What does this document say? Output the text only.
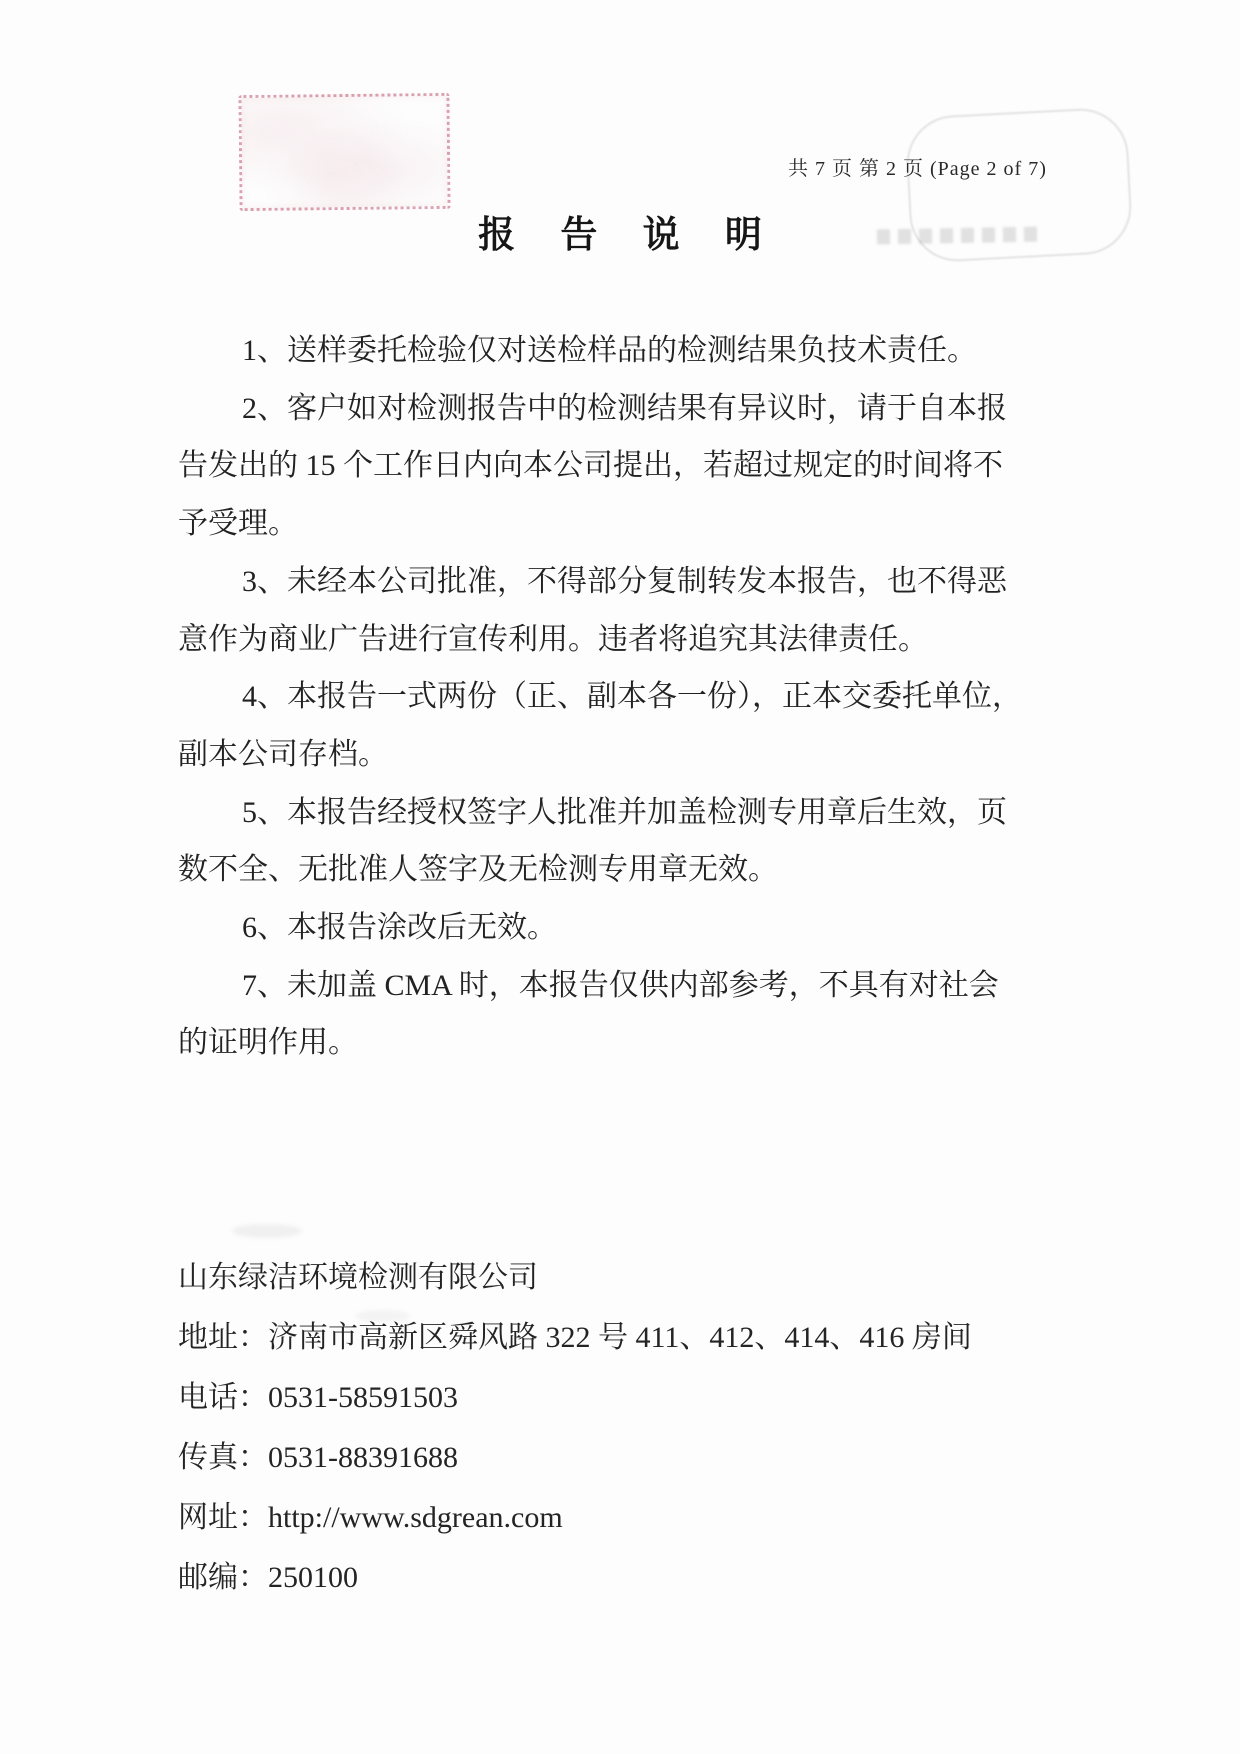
共 7 页 第 2 页 (Page 2 of 7)
报 告 说 明
1、送样委托检验仅对送检样品的检测结果负技术责任。
2、客户如对检测报告中的检测结果有异议时，请于自本报
告发出的 15 个工作日内向本公司提出，若超过规定的时间将不
予受理。
3、未经本公司批准，不得部分复制转发本报告，也不得恶
意作为商业广告进行宣传利用。违者将追究其法律责任。
4、本报告一式两份（正、副本各一份），正本交委托单位，
副本公司存档。
5、本报告经授权签字人批准并加盖检测专用章后生效，页
数不全、无批准人签字及无检测专用章无效。
6、本报告涂改后无效。
7、未加盖 CMA 时，本报告仅供内部参考，不具有对社会
的证明作用。
山东绿洁环境检测有限公司
地址：济南市高新区舜风路 322 号 411、412、414、416 房间
电话：0531-58591503
传真：0531-88391688
网址：http://www.sdgrean.com
邮编：250100
